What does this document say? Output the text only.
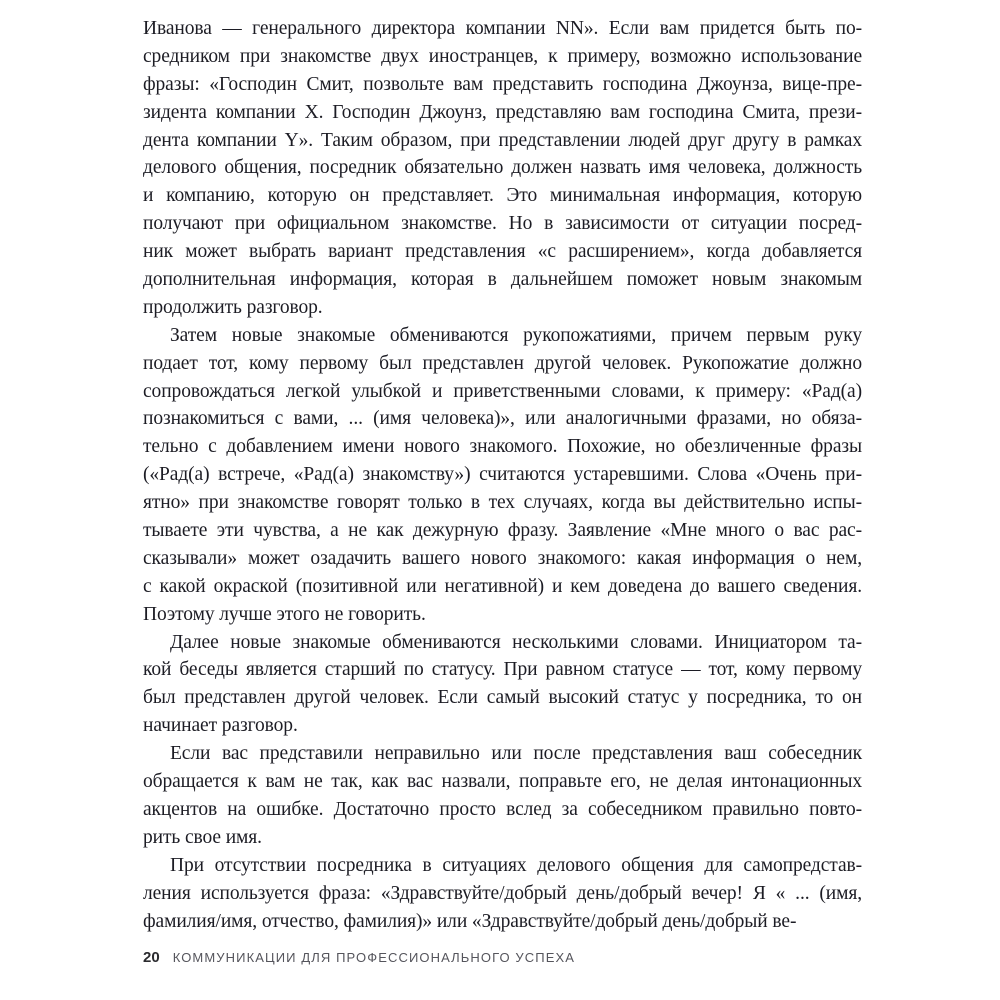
Иванова — генерального директора компании NN». Если вам придется быть по-
средником при знакомстве двух иностранцев, к примеру, возможно использование
фразы: «Господин Смит, позвольте вам представить господина Джоунза, вице-пре-
зидента компании X. Господин Джоунз, представляю вам господина Смита, прези-
дента компании Y». Таким образом, при представлении людей друг другу в рамках
делового общения, посредник обязательно должен назвать имя человека, должность
и компанию, которую он представляет. Это минимальная информация, которую
получают при официальном знакомстве. Но в зависимости от ситуации посред-
ник может выбрать вариант представления «с расширением», когда добавляется
дополнительная информация, которая в дальнейшем поможет новым знакомым
продолжить разговор.
Затем новые знакомые обмениваются рукопожатиями, причем первым руку
подает тот, кому первому был представлен другой человек. Рукопожатие должно
сопровождаться легкой улыбкой и приветственными словами, к примеру: «Рад(а)
познакомиться с вами, ... (имя человека)», или аналогичными фразами, но обяза-
тельно с добавлением имени нового знакомого. Похожие, но обезличенные фразы
(«Рад(а) встрече, «Рад(а) знакомству») считаются устаревшими. Слова «Очень при-
ятно» при знакомстве говорят только в тех случаях, когда вы действительно испы-
тываете эти чувства, а не как дежурную фразу. Заявление «Мне много о вас рас-
сказывали» может озадачить вашего нового знакомого: какая информация о нем,
с какой окраской (позитивной или негативной) и кем доведена до вашего сведения.
Поэтому лучше этого не говорить.
Далее новые знакомые обмениваются несколькими словами. Инициатором та-
кой беседы является старший по статусу. При равном статусе — тот, кому первому
был представлен другой человек. Если самый высокий статус у посредника, то он
начинает разговор.
Если вас представили неправильно или после представления ваш собеседник
обращается к вам не так, как вас назвали, поправьте его, не делая интонационных
акцентов на ошибке. Достаточно просто вслед за собеседником правильно повто-
рить свое имя.
При отсутствии посредника в ситуациях делового общения для самопредстав-
ления используется фраза: «Здравствуйте/добрый день/добрый вечер! Я « ... (имя,
фамилия/имя, отчество, фамилия)» или «Здравствуйте/добрый день/добрый ве-
20 КОММУНИКАЦИИ ДЛЯ ПРОФЕССИОНАЛЬНОГО УСПЕХА
